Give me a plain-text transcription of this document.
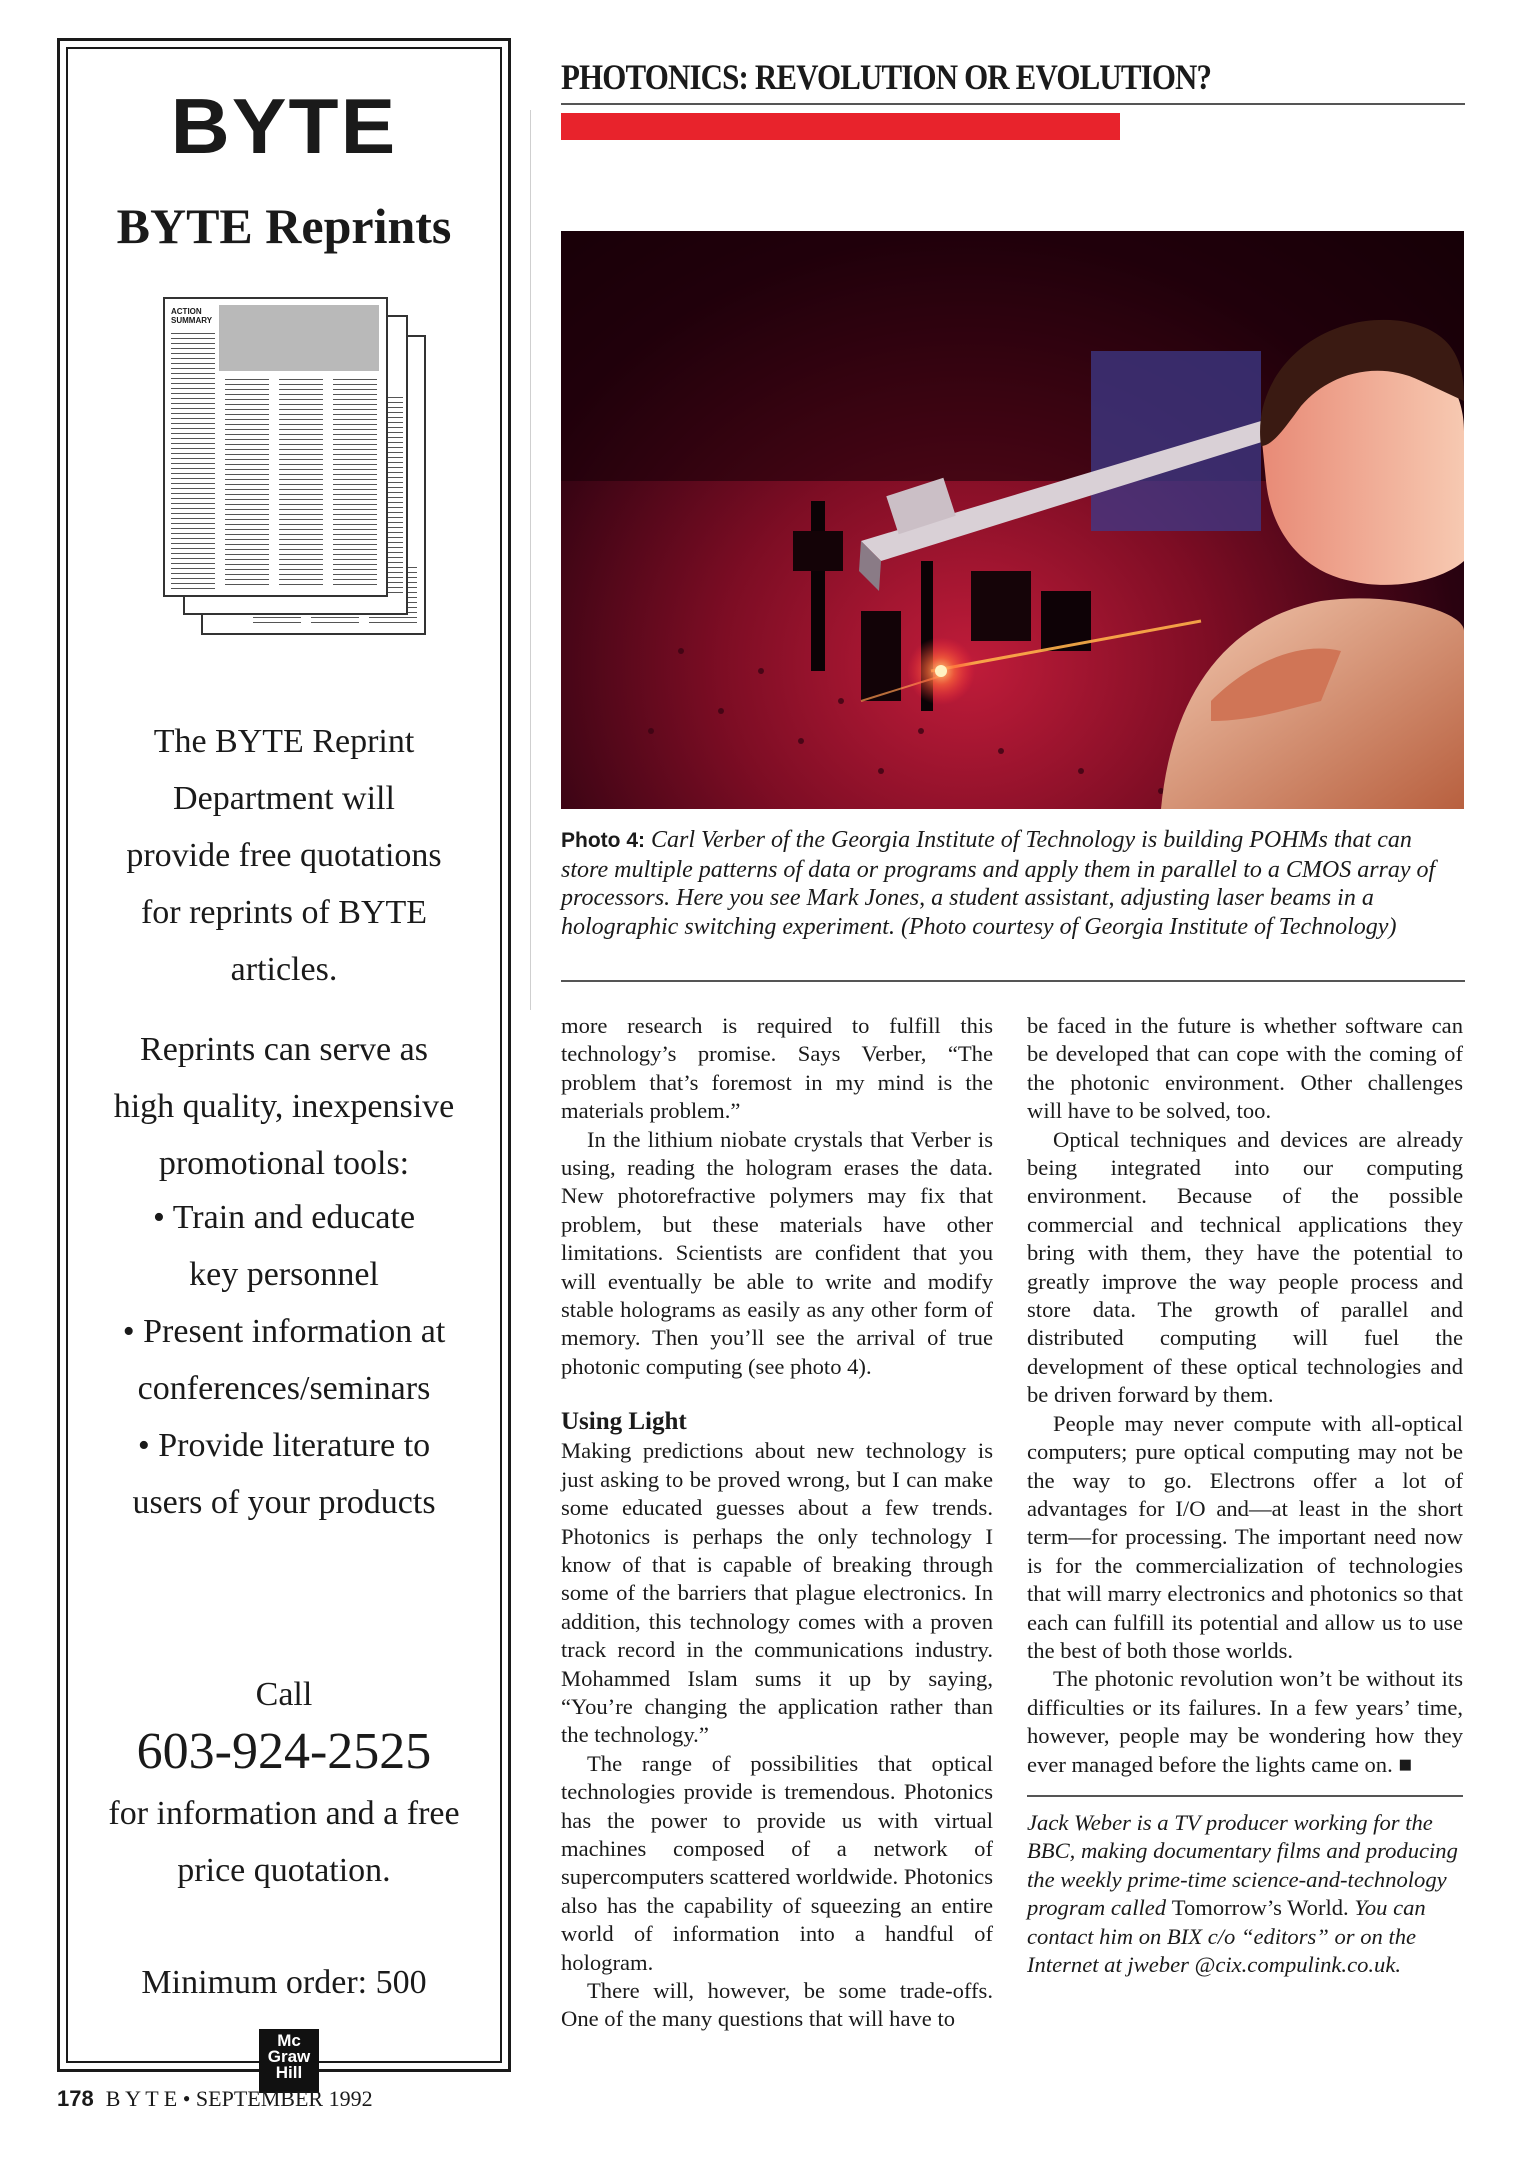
BYTE
BYTE Reprints
ACTION SUMMARY
The BYTE Reprint
Department will
provide free quotations
for reprints of BYTE
articles.
Reprints can serve as
high quality, inexpensive
promotional tools:
• Train and educate
key personnel
• Present information at
conferences/seminars
• Provide literature to
users of your products
Call
603-924-2525
for information and a free
price quotation.
Minimum order: 500
Mc
Graw
Hill
178 B Y T E • SEPTEMBER 1992
PHOTONICS: REVOLUTION OR EVOLUTION?
Photo 4: Carl Verber of the Georgia Institute of Technology is building POHMs that can store multiple patterns of data or programs and apply them in parallel to a CMOS array of processors. Here you see Mark Jones, a student assistant, adjusting laser beams in a holographic switching experiment. (Photo courtesy of Georgia Institute of Technology)

more research is required to fulfill this technology’s promise. Says Verber, “The problem that’s foremost in my mind is the materials problem.”

In the lithium niobate crystals that Verber is using, reading the hologram erases the data. New photorefractive polymers may fix that problem, but these materials have other limitations. Scientists are confident that you will eventually be able to write and modify stable holograms as easily as any other form of memory. Then you’ll see the arrival of true photonic computing (see photo 4).

Using Light

Making predictions about new technology is just asking to be proved wrong, but I can make some educated guesses about a few trends. Photonics is perhaps the only technology I know of that is capable of breaking through some of the barriers that plague electronics. In addition, this technology comes with a proven track record in the communications industry. Mohammed Islam sums it up by saying, “You’re changing the application rather than the technology.”

The range of possibilities that optical technologies provide is tremendous. Photonics has the power to provide us with virtual machines composed of a network of supercomputers scattered worldwide. Photonics also has the capability of squeezing an entire world of information into a handful of hologram.

There will, however, be some trade-offs. One of the many questions that will have to

be faced in the future is whether software can be developed that can cope with the coming of the photonic environment. Other challenges will have to be solved, too.

Optical techniques and devices are already being integrated into our computing environment. Because of the possible commercial and technical applications they bring with them, they have the potential to greatly improve the way people process and store data. The growth of parallel and distributed computing will fuel the development of these optical technologies and be driven forward by them.

People may never compute with all-optical computers; pure optical computing may not be the way to go. Electrons offer a lot of advantages for I/O and—at least in the short term—for processing. The important need now is for the commercialization of technologies that will marry electronics and photonics so that each can fulfill its potential and allow us to use the best of both those worlds.

The photonic revolution won’t be without its difficulties or its failures. In a few years’ time, however, people may be wondering how they ever managed before the lights came on. ■

Jack Weber is a TV producer working for the BBC, making documentary films and producing the weekly prime-time science-and-technology program called Tomorrow’s World. You can contact him on BIX c/o “editors” or on the Internet at jweber @cix.compulink.co.uk.
